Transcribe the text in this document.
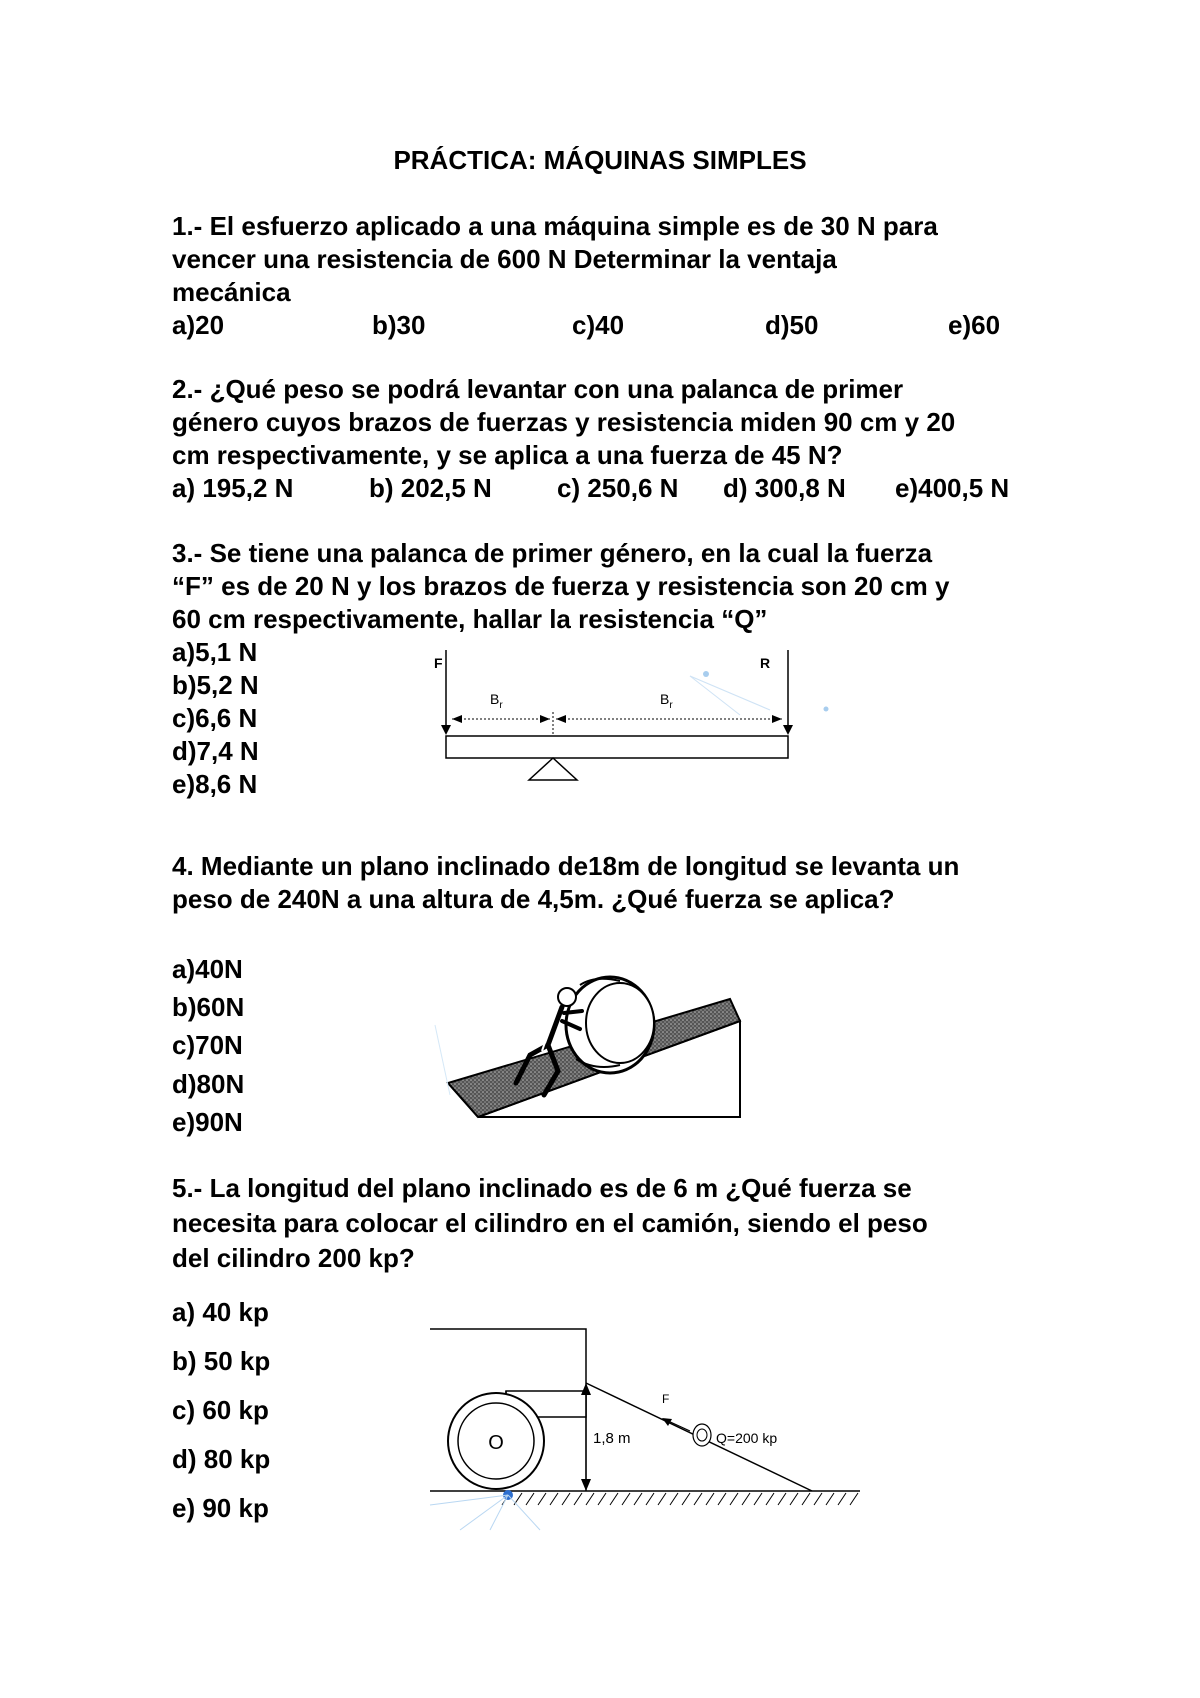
PRÁCTICA: MÁQUINAS SIMPLES
1.- El esfuerzo aplicado a una máquina simple es de 30 N para
vencer una resistencia de 600 N Determinar la ventaja
mecánica
a)20	b)30	c)40	d)50	e)60
2.- ¿Qué peso se podrá levantar con una palanca de primer
género cuyos brazos de fuerzas y resistencia miden 90 cm y 20
cm respectivamente, y se aplica a una fuerza de 45 N?
a) 195,2 N	b) 202,5 N	c) 250,6 N d) 300,8 N e)400,5 N
3.- Se tiene una palanca de primer género, en la cual la fuerza
“F” es de 20 N y los brazos de fuerza y resistencia son 20 cm y
60 cm respectivamente, hallar la resistencia “Q”
a)5,1 N
b)5,2 N
c)6,6 N
d)7,4 N
e)8,6 N
F	R
$B_r$	$B_r$
4. Mediante un plano inclinado de18m de longitud se levanta un
peso de 240N a una altura de 4,5m. ¿Qué fuerza se aplica?
a)40N
b)60N
c)70N
d)80N
e)90N
5.- La longitud del plano inclinado es de 6 m ¿Qué fuerza se
necesita para colocar el cilindro en el camión, siendo el peso
del cilindro 200 kp?
a) 40 kp
b) 50 kp
c) 60 kp
d) 80 kp
e) 90 kp
O	1,8 m	Q=200 kp
F
